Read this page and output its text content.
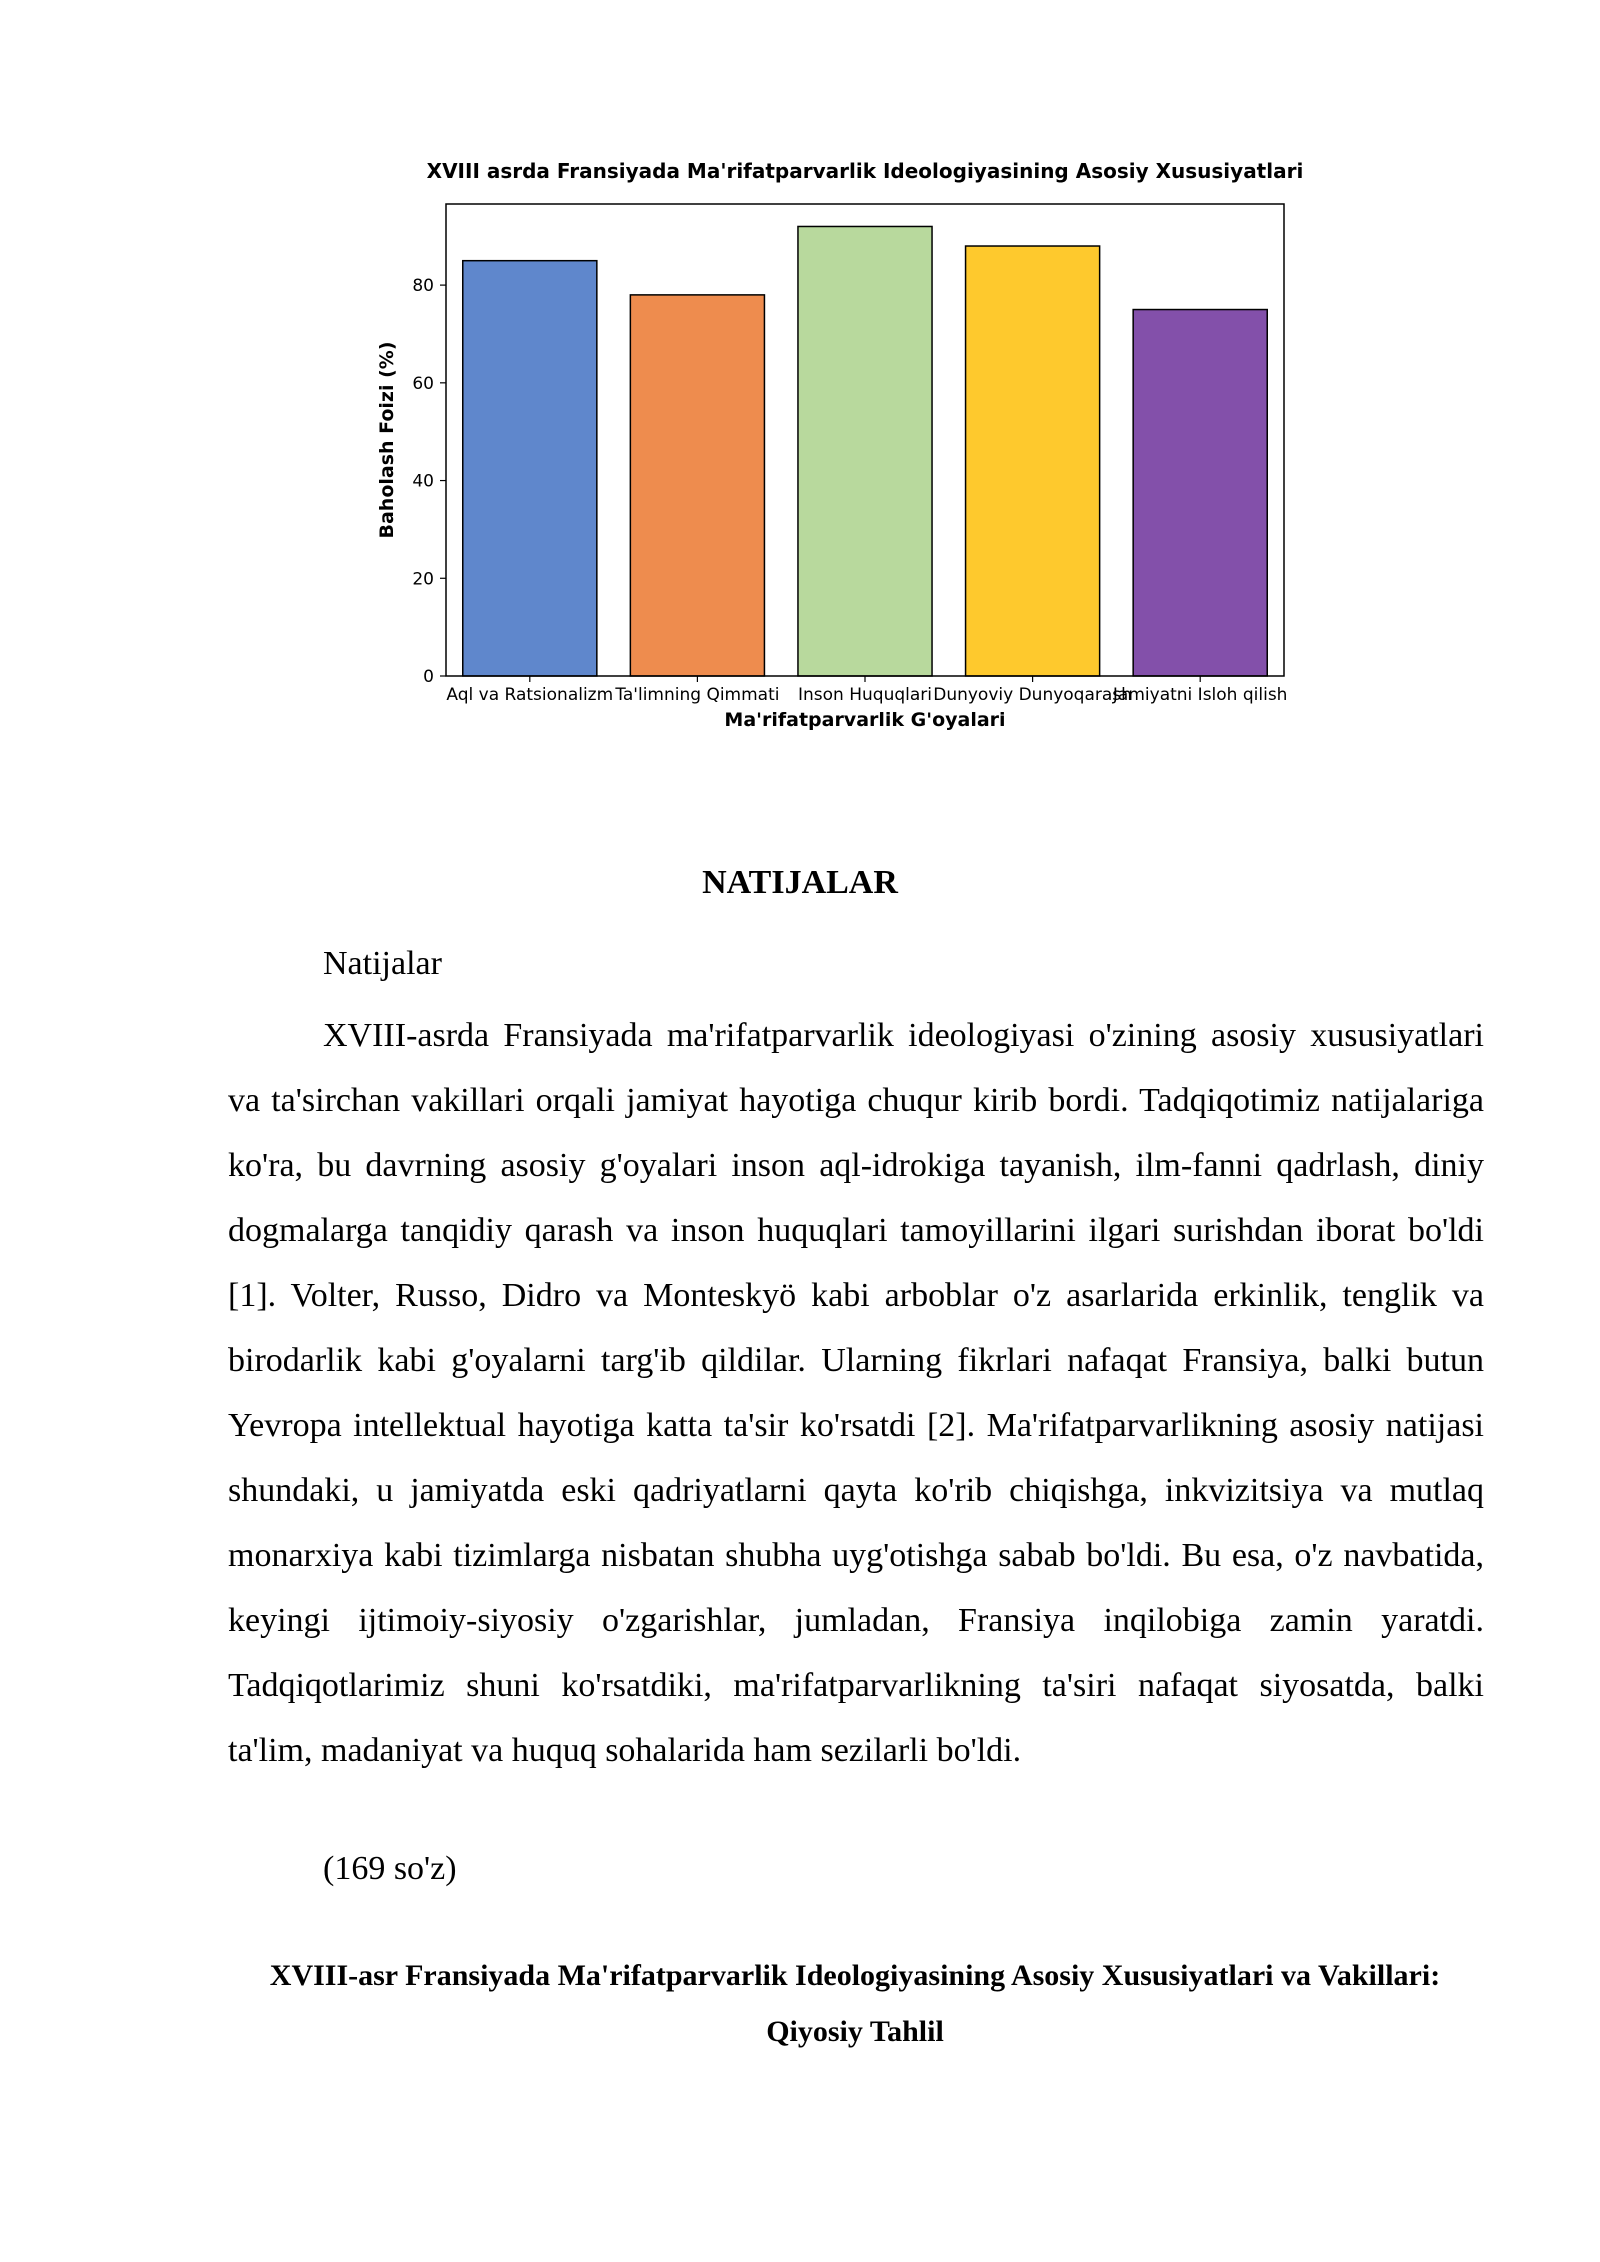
XVIII asrda Fransiyada Ma'rifatparvarlik Ideologiyasining Asosiy Xususiyatlari
0
20
40
60
80
Aql va Ratsionalizm Ta'limning Qimmati Inson Huquqlari Dunyoviy Dunyoqarash
Jamiyatni Isloh qilish
Ma'rifatparvarlik G'oyalari
Baholash Foizi (%)
NATIJALAR
Natijalar

XVIII-asrda Fransiyada ma'rifatparvarlik ideologiyasi o'zining asosiy xususiyatlari va ta'sirchan vakillari orqali jamiyat hayotiga chuqur kirib bordi. Tadqiqotimiz natijalariga ko'ra, bu davrning asosiy g'oyalari inson aql-idrokiga tayanish, ilm-fanni qadrlash, diniy dogmalarga tanqidiy qarash va inson huquqlari tamoyillarini ilgari surishdan iborat bo'ldi [1]. Volter, Russo, Didro va Monteskyö kabi arboblar o'z asarlarida erkinlik, tenglik va birodarlik kabi g'oyalarni targ'ib qildilar. Ularning fikrlari nafaqat Fransiya, balki butun Yevropa intellektual hayotiga katta ta'sir ko'rsatdi [2]. Ma'rifatparvarlikning asosiy natijasi shundaki, u jamiyatda eski qadriyatlarni qayta ko'rib chiqishga, inkvizitsiya va mutlaq monarxiya kabi tizimlarga nisbatan shubha uyg'otishga sabab bo'ldi. Bu esa, o'z navbatida, keyingi ijtimoiy-siyosiy o'zgarishlar, jumladan, Fransiya inqilobiga zamin yaratdi. Tadqiqotlarimiz shuni ko'rsatdiki, ma'rifatparvarlikning ta'siri nafaqat siyosatda, balki ta'lim, madaniyat va huquq sohalarida ham sezilarli bo'ldi.

(169 so'z)
XVIII-asr Fransiyada Ma'rifatparvarlik Ideologiyasining Asosiy Xususiyatlari va Vakillari: Qiyosiy Tahlil
